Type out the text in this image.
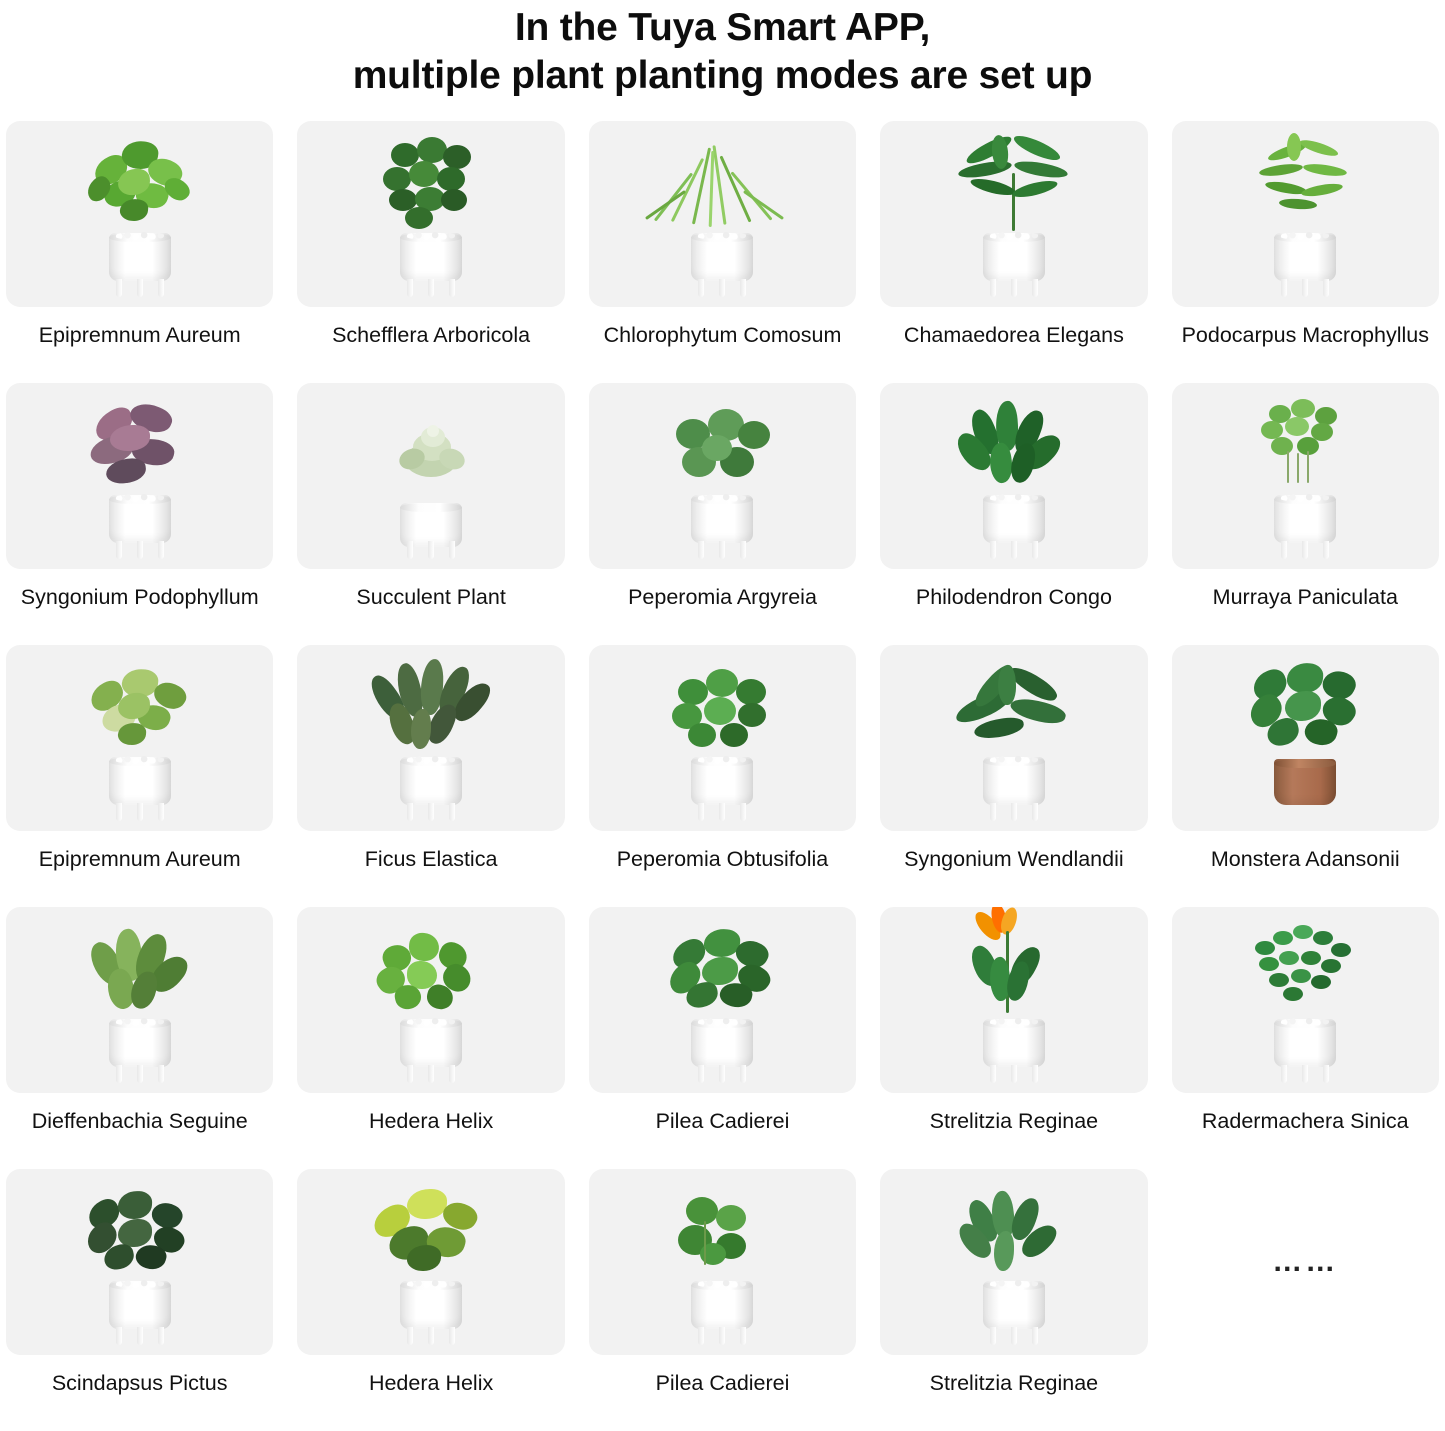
In the Tuya Smart APP,
multiple plant planting modes are set up
Epipremnum Aureum	Schefflera Arboricola	Chlorophytum Comosum	Chamaedorea Elegans	Podocarpus Macrophyllus
Syngonium Podophyllum	Succulent Plant	Peperomia Argyreia	Philodendron Congo	Murraya Paniculata
Epipremnum Aureum	Ficus Elastica	Peperomia Obtusifolia	Syngonium Wendlandii	Monstera Adansonii
Dieffenbachia Seguine	Hedera Helix	Pilea Cadierei	Strelitzia Reginae	Radermachera Sinica
Scindapsus Pictus	Hedera Helix	Pilea Cadierei	Strelitzia Reginae
……
